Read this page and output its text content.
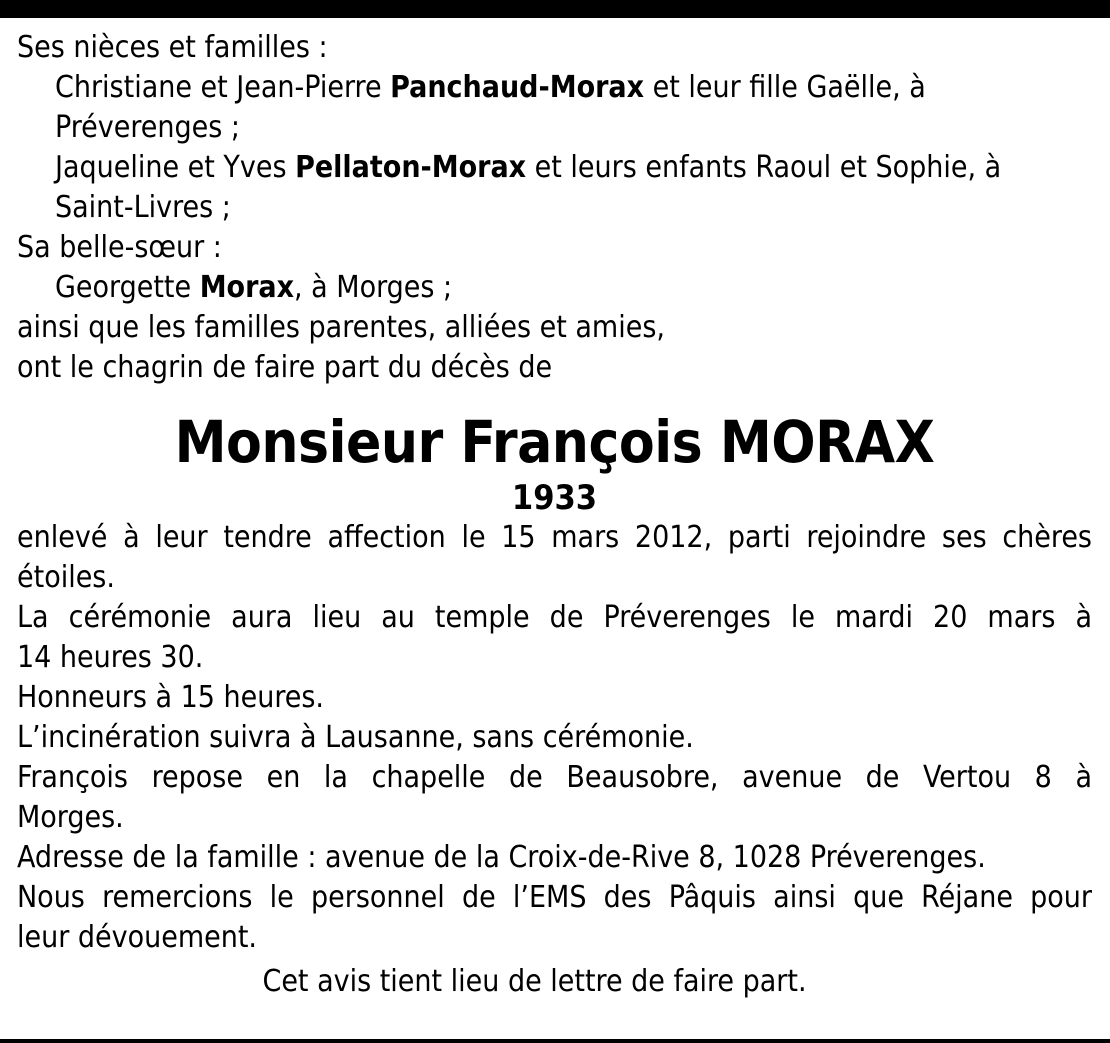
Ses nièces et familles :
Christiane et Jean-Pierre Panchaud-Morax et leur fille Gaëlle, à
Préverenges ;
Jaqueline et Yves Pellaton-Morax et leurs enfants Raoul et Sophie, à
Saint-Livres ;
Sa belle-sœur :
Georgette Morax, à Morges ;
ainsi que les familles parentes, alliées et amies,
ont le chagrin de faire part du décès de
Monsieur François MORAX
1933
enlevé à leur tendre affection le 15 mars 2012, parti rejoindre ses chères
étoiles.
La cérémonie aura lieu au temple de Préverenges le mardi 20 mars à
14 heures 30.
Honneurs à 15 heures.
L’incinération suivra à Lausanne, sans cérémonie.
François repose en la chapelle de Beausobre, avenue de Vertou 8 à
Morges.
Adresse de la famille : avenue de la Croix-de-Rive 8, 1028 Préverenges.
Nous remercions le personnel de l’EMS des Pâquis ainsi que Réjane pour
leur dévouement.
Cet avis tient lieu de lettre de faire part.
